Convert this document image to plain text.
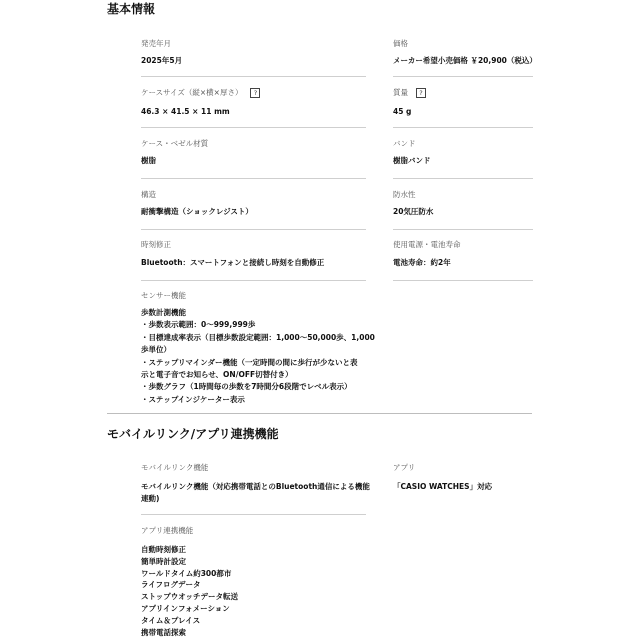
基本情報
発売年月
2025年5月
価格
メーカー希望小売価格 ￥20,900（税込）
ケースサイズ（縦×横×厚さ） ?
46.3 × 41.5 × 11 mm
質量 ?
45 g
ケース・ベゼル材質
樹脂
バンド
樹脂バンド
構造
耐衝撃構造（ショックレジスト）
防水性
20気圧防水
時刻修正
Bluetooth：スマートフォンと接続し時刻を自動修正
使用電源・電池寿命
電池寿命：約2年
センサー機能
歩数計測機能
・歩数表示範囲：0～999,999歩
・目標達成率表示（目標歩数設定範囲：1,000～50,000歩、1,000
歩単位）
・ステップリマインダー機能（一定時間の間に歩行が少ないと表
示と電子音でお知らせ、ON/OFF切替付き）
・歩数グラフ（1時間毎の歩数を7時間分6段階でレベル表示）
・ステップインジケーター表示
モバイルリンク/アプリ連携機能
モバイルリンク機能
モバイルリンク機能（対応携帯電話とのBluetooth通信による機能
連動)
アプリ
「CASIO WATCHES」対応
アプリ連携機能
自動時刻修正
簡単時計設定
ワールドタイム約300都市
ライフログデータ
ストップウオッチデータ転送
アプリインフォメーション
タイム＆プレイス
携帯電話探索
